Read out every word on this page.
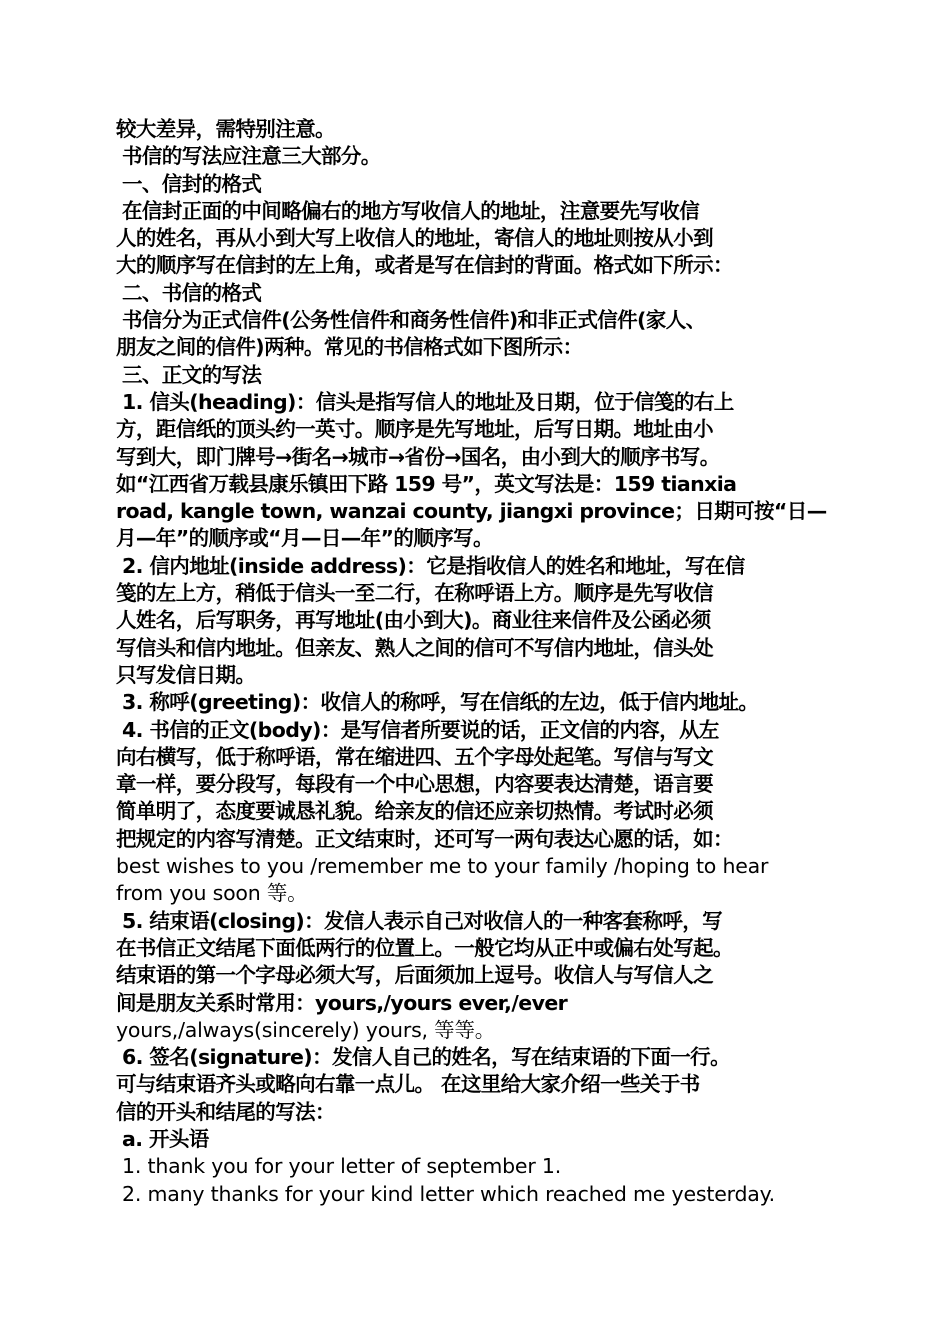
较大差异，需特别注意。
书信的写法应注意三大部分。
一、信封的格式
在信封正面的中间略偏右的地方写收信人的地址，注意要先写收信
人的姓名，再从小到大写上收信人的地址，寄信人的地址则按从小到
大的顺序写在信封的左上角，或者是写在信封的背面。格式如下所示：
二、书信的格式
书信分为正式信件(公务性信件和商务性信件)和非正式信件(家人、
朋友之间的信件)两种。常见的书信格式如下图所示：
三、正文的写法
1. 信头(heading)：信头是指写信人的地址及日期，位于信笺的右上
方，距信纸的顶头约一英寸。顺序是先写地址，后写日期。地址由小
写到大，即门牌号→街名→城市→省份→国名，由小到大的顺序书写。
如“江西省万载县康乐镇田下路 159 号”，英文写法是：159 tianxia
road, kangle town, wanzai county, jiangxi province；日期可按“日—
月—年”的顺序或“月—日—年”的顺序写。
2. 信内地址(inside address)：它是指收信人的姓名和地址，写在信
笺的左上方，稍低于信头一至二行，在称呼语上方。顺序是先写收信
人姓名，后写职务，再写地址(由小到大)。商业往来信件及公函必须
写信头和信内地址。但亲友、熟人之间的信可不写信内地址，信头处
只写发信日期。
3. 称呼(greeting)：收信人的称呼，写在信纸的左边，低于信内地址。
4. 书信的正文(body)：是写信者所要说的话，正文信的内容，从左
向右横写，低于称呼语，常在缩进四、五个字母处起笔。写信与写文
章一样，要分段写，每段有一个中心思想，内容要表达清楚，语言要
简单明了，态度要诚恳礼貌。给亲友的信还应亲切热情。考试时必须
把规定的内容写清楚。正文结束时，还可写一两句表达心愿的话，如：
best wishes to you /remember me to your family /hoping to hear
from you soon 等。
5. 结束语(closing)：发信人表示自己对收信人的一种客套称呼，写
在书信正文结尾下面低两行的位置上。一般它均从正中或偏右处写起。
结束语的第一个字母必须大写，后面须加上逗号。收信人与写信人之
间是朋友关系时常用：yours,/yours ever,/ever
yours,/always(sincerely) yours, 等等。
6. 签名(signature)：发信人自己的姓名，写在结束语的下面一行。
可与结束语齐头或略向右靠一点儿。 在这里给大家介绍一些关于书
信的开头和结尾的写法：
a. 开头语
1. thank you for your letter of september 1.
2. many thanks for your kind letter which reached me yesterday.
